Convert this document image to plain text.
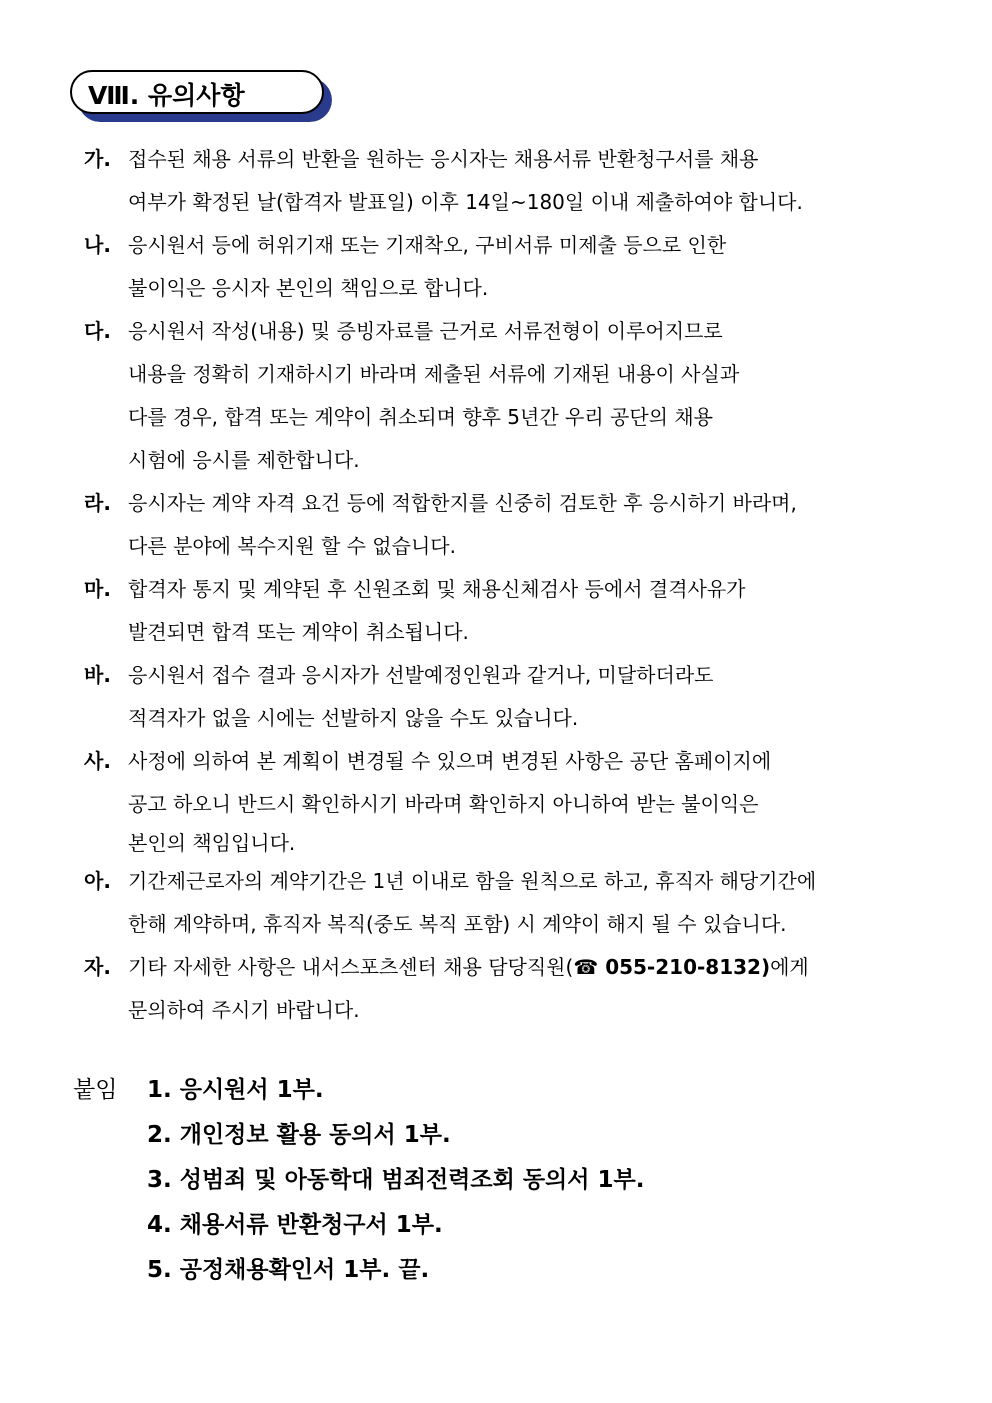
Ⅷ. 유의사항
가. 접수된 채용 서류의 반환을 원하는 응시자는 채용서류 반환청구서를 채용
여부가 확정된 날(합격자 발표일) 이후 14일~180일 이내 제출하여야 합니다.
나. 응시원서 등에 허위기재 또는 기재착오, 구비서류 미제출 등으로 인한
불이익은 응시자 본인의 책임으로 합니다.
다. 응시원서 작성(내용) 및 증빙자료를 근거로 서류전형이 이루어지므로
내용을 정확히 기재하시기 바라며 제출된 서류에 기재된 내용이 사실과
다를 경우, 합격 또는 계약이 취소되며 향후 5년간 우리 공단의 채용
시험에 응시를 제한합니다.
라. 응시자는 계약 자격 요건 등에 적합한지를 신중히 검토한 후 응시하기 바라며,
다른 분야에 복수지원 할 수 없습니다.
마. 합격자 통지 및 계약된 후 신원조회 및 채용신체검사 등에서 결격사유가
발견되면 합격 또는 계약이 취소됩니다.
바. 응시원서 접수 결과 응시자가 선발예정인원과 같거나, 미달하더라도
적격자가 없을 시에는 선발하지 않을 수도 있습니다.
사. 사정에 의하여 본 계획이 변경될 수 있으며 변경된 사항은 공단 홈페이지에
공고 하오니 반드시 확인하시기 바라며 확인하지 아니하여 받는 불이익은
본인의 책임입니다.
아. 기간제근로자의 계약기간은 1년 이내로 함을 원칙으로 하고, 휴직자 해당기간에
한해 계약하며, 휴직자 복직(중도 복직 포함) 시 계약이 해지 될 수 있습니다.
자. 기타 자세한 사항은 내서스포츠센터 채용 담당직원(☎ 055-210-8132)에게
문의하여 주시기 바랍니다.
붙임	1. 응시원서 1부.
2. 개인정보 활용 동의서 1부.
3. 성범죄 및 아동학대 범죄전력조회 동의서 1부.
4. 채용서류 반환청구서 1부.
5. 공정채용확인서 1부. 끝.
